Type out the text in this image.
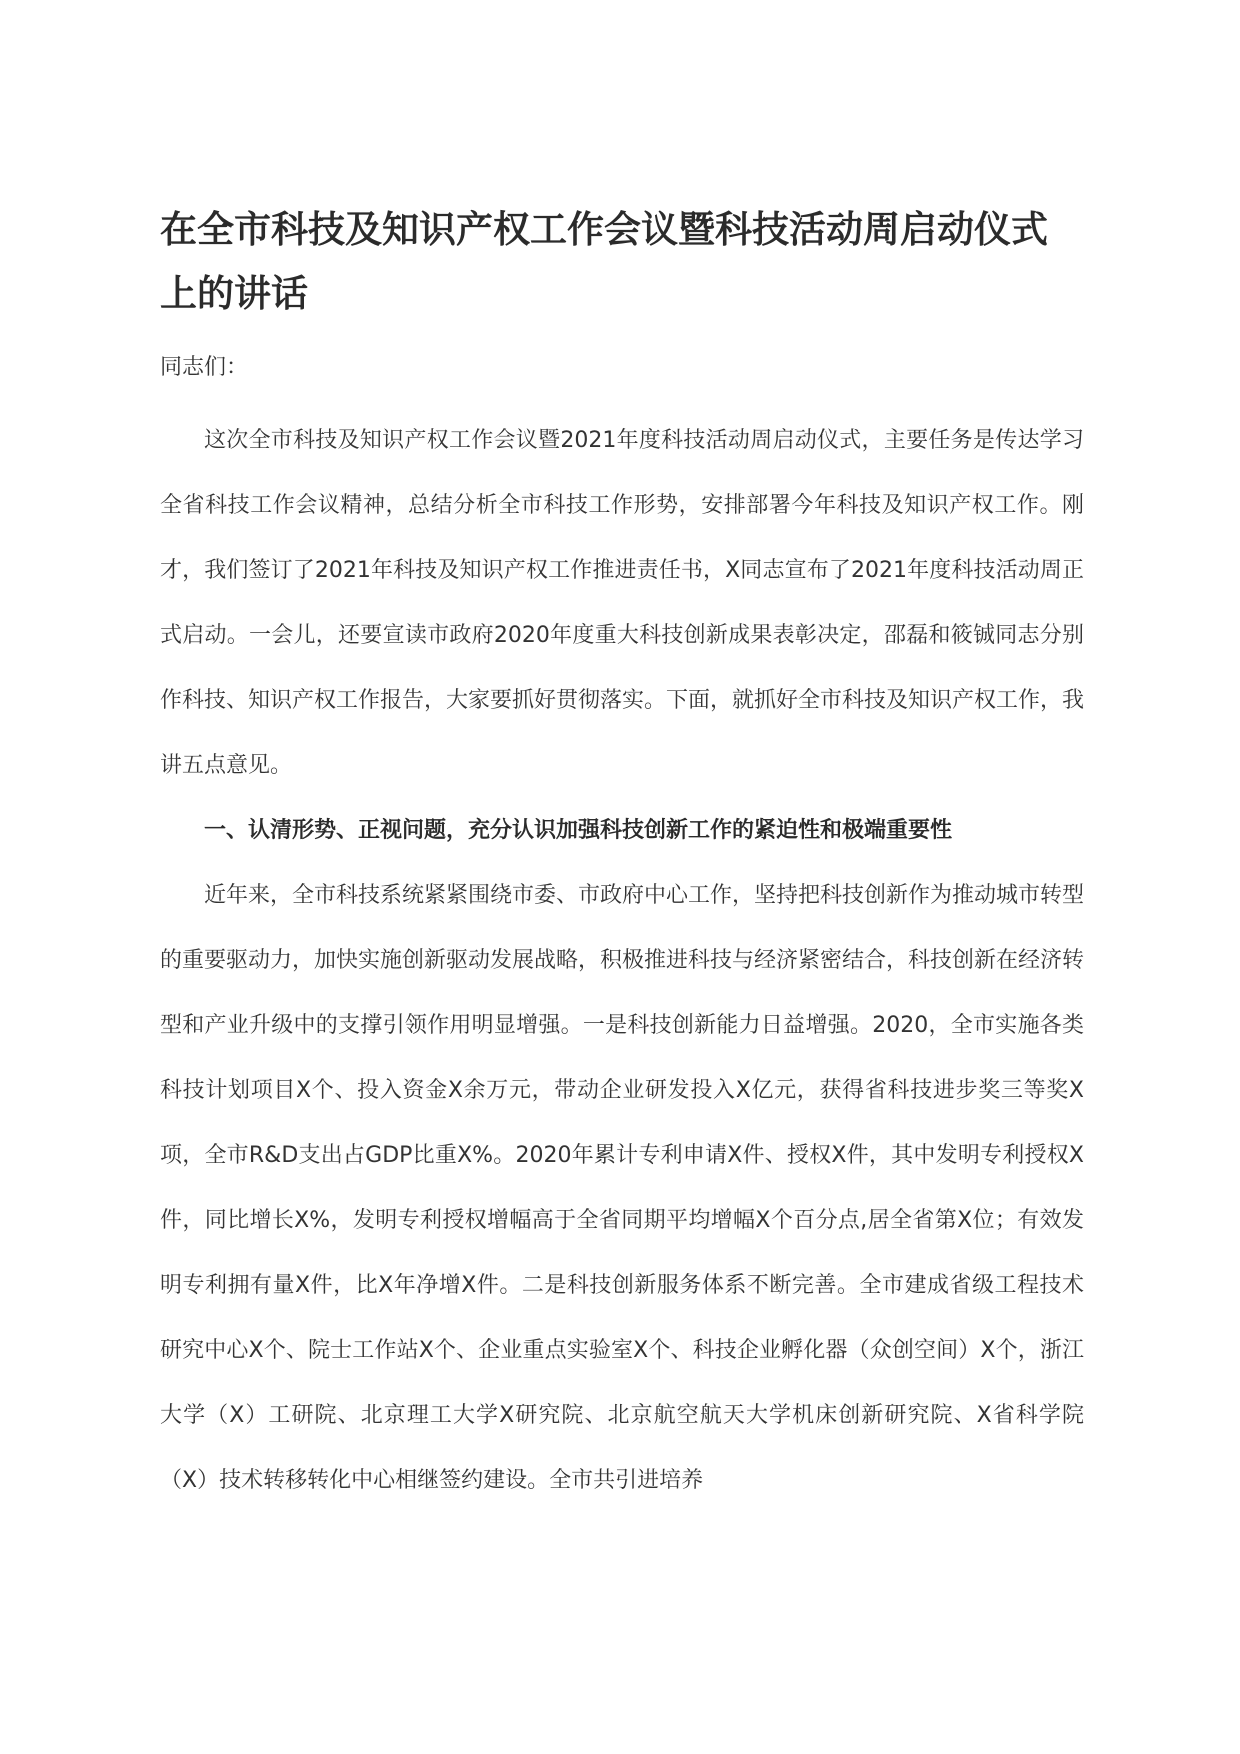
在全市科技及知识产权工作会议暨科技活动周启动仪式上的讲话

同志们：

这次全市科技及知识产权工作会议暨2021年度科技活动周启动仪式，主要任务是传达学习全省科技工作会议精神，总结分析全市科技工作形势，安排部署今年科技及知识产权工作。刚才，我们签订了2021年科技及知识产权工作推进责任书，X同志宣布了2021年度科技活动周正式启动。一会儿，还要宣读市政府2020年度重大科技创新成果表彰决定，邵磊和筱铖同志分别作科技、知识产权工作报告，大家要抓好贯彻落实。下面，就抓好全市科技及知识产权工作，我讲五点意见。

一、认清形势、正视问题，充分认识加强科技创新工作的紧迫性和极端重要性

近年来，全市科技系统紧紧围绕市委、市政府中心工作，坚持把科技创新作为推动城市转型的重要驱动力，加快实施创新驱动发展战略，积极推进科技与经济紧密结合，科技创新在经济转型和产业升级中的支撑引领作用明显增强。一是科技创新能力日益增强。2020，全市实施各类科技计划项目X个、投入资金X余万元，带动企业研发投入X亿元，获得省科技进步奖三等奖X项，全市R&D支出占GDP比重X%。2020年累计专利申请X件、授权X件，其中发明专利授权X件，同比增长X%，发明专利授权增幅高于全省同期平均增幅X个百分点,居全省第X位；有效发明专利拥有量X件，比X年净增X件。二是科技创新服务体系不断完善。全市建成省级工程技术研究中心X个、院士工作站X个、企业重点实验室X个、科技企业孵化器（众创空间）X个，浙江大学（X）工研院、北京理工大学X研究院、北京航空航天大学机床创新研究院、X省科学院（X）技术转移转化中心相继签约建设。全市共引进培养
